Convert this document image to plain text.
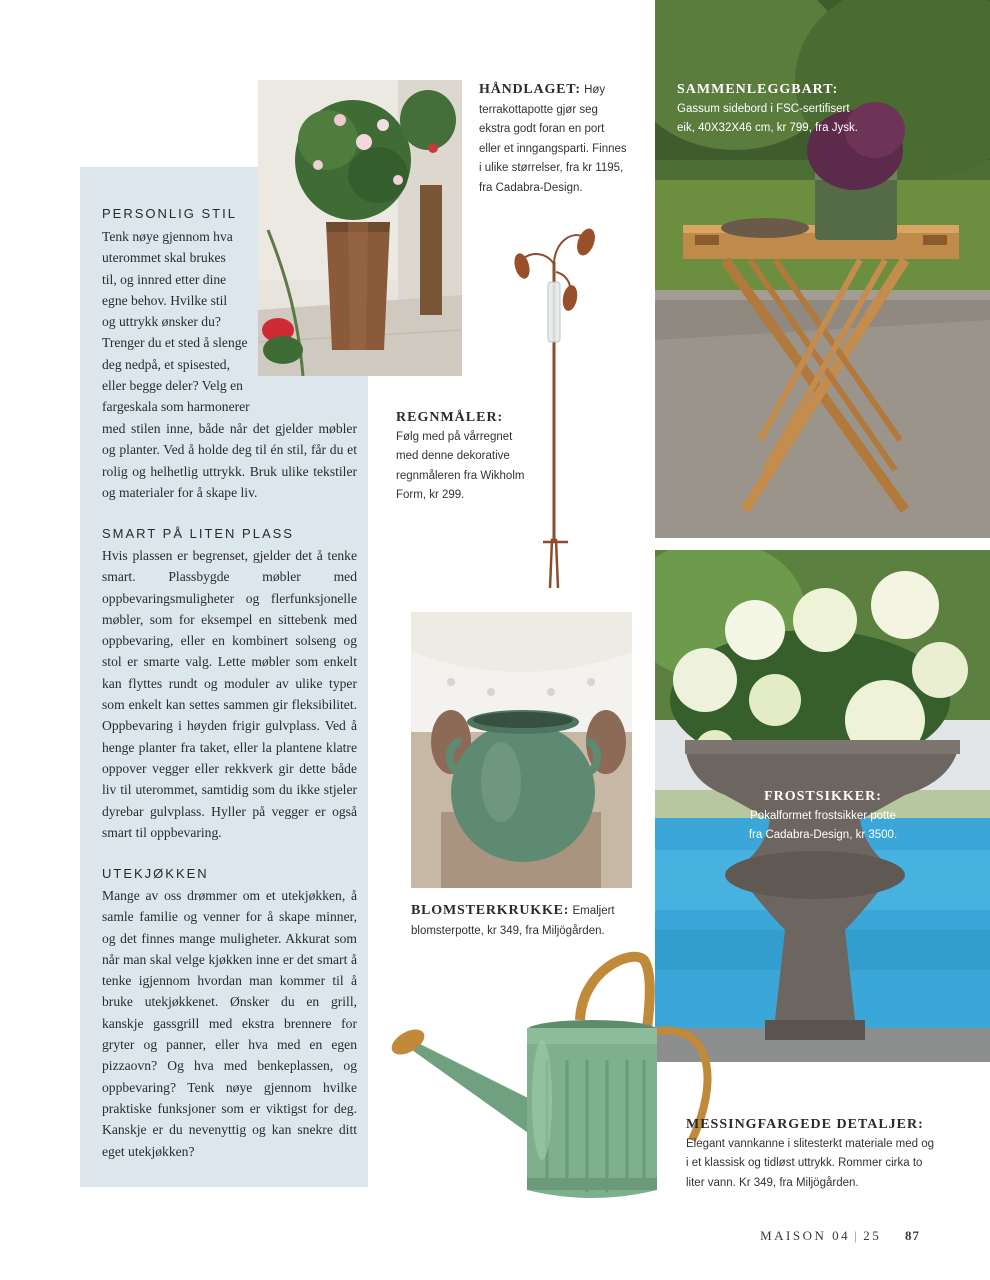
PERSONLIG STIL

Tenk nøye gjennom hva

uterommet skal brukes

til, og innred etter dine

egne behov. Hvilke stil

og uttrykk ønsker du?

Trenger du et sted å slenge

deg nedpå, et spisested,

eller begge deler? Velg en

fargeskala som harmonerer

med stilen inne, både når det gjelder møbler og planter. Ved å holde deg til én stil, får du et rolig og helhetlig uttrykk. Bruk ulike tekstiler og materialer for å skape liv.
SMART PÅ LITEN PLASS
Hvis plassen er begrenset, gjelder det å tenke smart. Plassbygde møbler med oppbevaringsmuligheter og flerfunksjonelle møbler, som for eksempel en sittebenk med oppbevaring, eller en kombinert solseng og stol er smarte valg. Lette møbler som enkelt kan flyttes rundt og moduler av ulike typer som enkelt kan settes sammen gir fleksibilitet. Oppbevaring i høyden frigir gulvplass. Ved å henge planter fra taket, eller la plantene klatre oppover vegger eller rekkverk gir dette både liv til uterommet, samtidig som du ikke stjeler dyrebar gulvplass. Hyller på vegger er også smart til oppbevaring.
UTEKJØKKEN
Mange av oss drømmer om et utekjøkken, å samle familie og venner for å skape minner, og det finnes mange muligheter. Akkurat som når man skal velge kjøkken inne er det smart å tenke igjennom hvordan man kommer til å bruke utekjøkkenet. Ønsker du en grill, kanskje gassgrill med ekstra brennere for gryter og panner, eller hva med en egen pizzaovn? Og hva med benkeplassen, og oppbevaring? Tenk nøye gjennom hvilke praktiske funksjoner som er viktigst for deg. Kanskje er du nevenyttig og kan snekre ditt eget utekjøkken?
HÅNDLAGET: Høy terrakottapotte gjør seg ekstra godt foran en port eller et inngangsparti. Finnes i ulike størrelser, fra kr 1195, fra Cadabra-Design.
REGNMÅLER:
Følg med på vårregnet med denne dekorative regnmåleren fra Wikholm Form, kr 299.
SAMMENLEGGBART:
Gassum sidebord i FSC-sertifisert eik, 40X32X46 cm, kr 799, fra Jysk.
BLOMSTERKRUKKE: Emaljert blomsterpotte, kr 349, fra Miljögården.
FROSTSIKKER:
Pokalformet frostsikker potte fra Cadabra-Design, kr 3500.
MESSINGFARGEDE DETALJER:
Elegant vannkanne i slitesterkt materiale med og i et klassisk og tidløst uttrykk. Rommer cirka to liter vann. Kr 349, fra Miljögården.
MAISON 04 | 25 87
